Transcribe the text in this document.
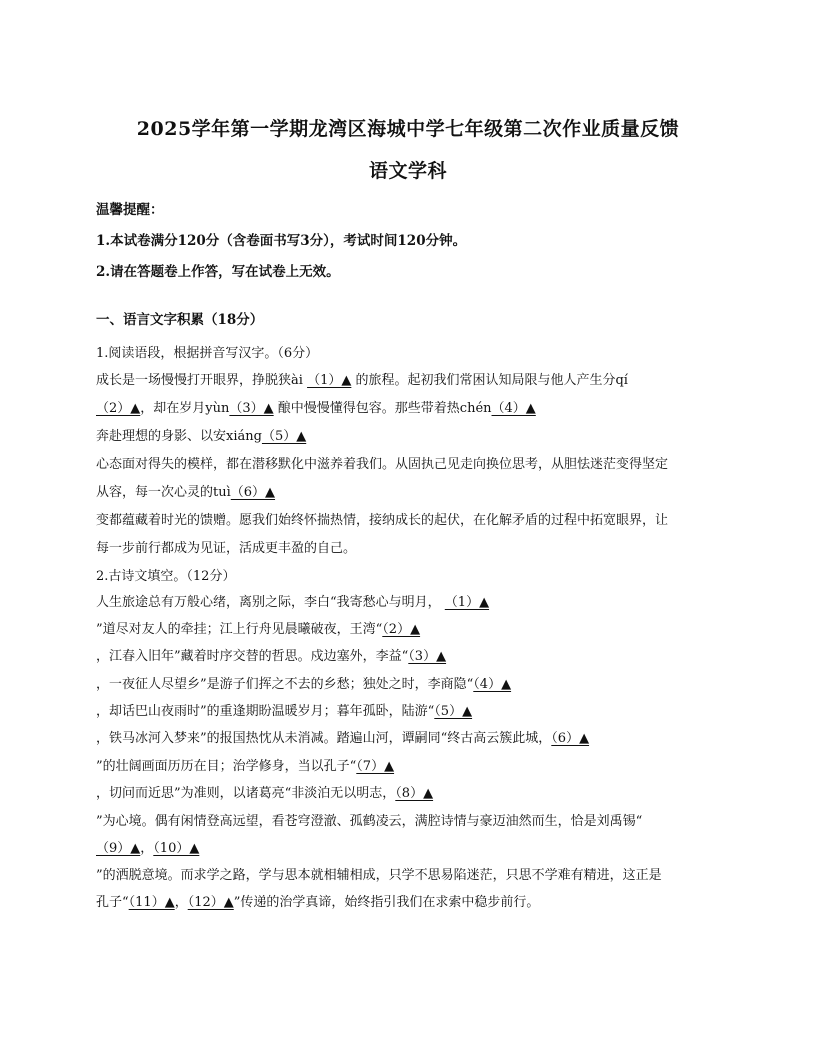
2025学年第一学期龙湾区海城中学七年级第二次作业质量反馈
语文学科
温馨提醒：
1.本试卷满分120分（含卷面书写3分），考试时间120分钟。
2.请在答题卷上作答，写在试卷上无效。
一、语言文字积累（18分）
1.阅读语段，根据拼音写汉字。（6分）
成长是一场慢慢打开眼界，挣脱狭ài （1）▲ 的旅程。起初我们常困认知局限与他人产生分qí
（2）▲，却在岁月yùn（3）▲ 酿中慢慢懂得包容。那些带着热chén（4）▲
奔赴理想的身影、以安xiáng（5）▲
心态面对得失的模样，都在潜移默化中滋养着我们。从固执己见走向换位思考，从胆怯迷茫变得坚定
从容，每一次心灵的tuì（6）▲
变都蕴藏着时光的馈赠。愿我们始终怀揣热情，接纳成长的起伏，在化解矛盾的过程中拓宽眼界，让
每一步前行都成为见证，活成更丰盈的自己。
2.古诗文填空。（12分）
人生旅途总有万般心绪，离别之际，李白“我寄愁心与明月， （1）▲
”道尽对友人的牵挂；江上行舟见晨曦破夜，王湾“（2）▲
，江春入旧年”藏着时序交替的哲思。戍边塞外，李益“（3）▲
，一夜征人尽望乡”是游子们挥之不去的乡愁；独处之时，李商隐“（4）▲
，却话巴山夜雨时”的重逢期盼温暖岁月；暮年孤卧，陆游“（5）▲
，铁马冰河入梦来”的报国热忱从未消减。踏遍山河，谭嗣同“终古高云簇此城，（6）▲
”的壮阔画面历历在目；治学修身，当以孔子“（7）▲
，切问而近思”为准则，以诸葛亮“非淡泊无以明志，（8）▲
”为心境。偶有闲情登高远望，看苍穹澄澈、孤鹤凌云，满腔诗情与豪迈油然而生，恰是刘禹锡“
（9）▲，（10）▲
”的洒脱意境。而求学之路，学与思本就相辅相成，只学不思易陷迷茫，只思不学难有精进，这正是
孔子“（11）▲，（12）▲”传递的治学真谛，始终指引我们在求索中稳步前行。
